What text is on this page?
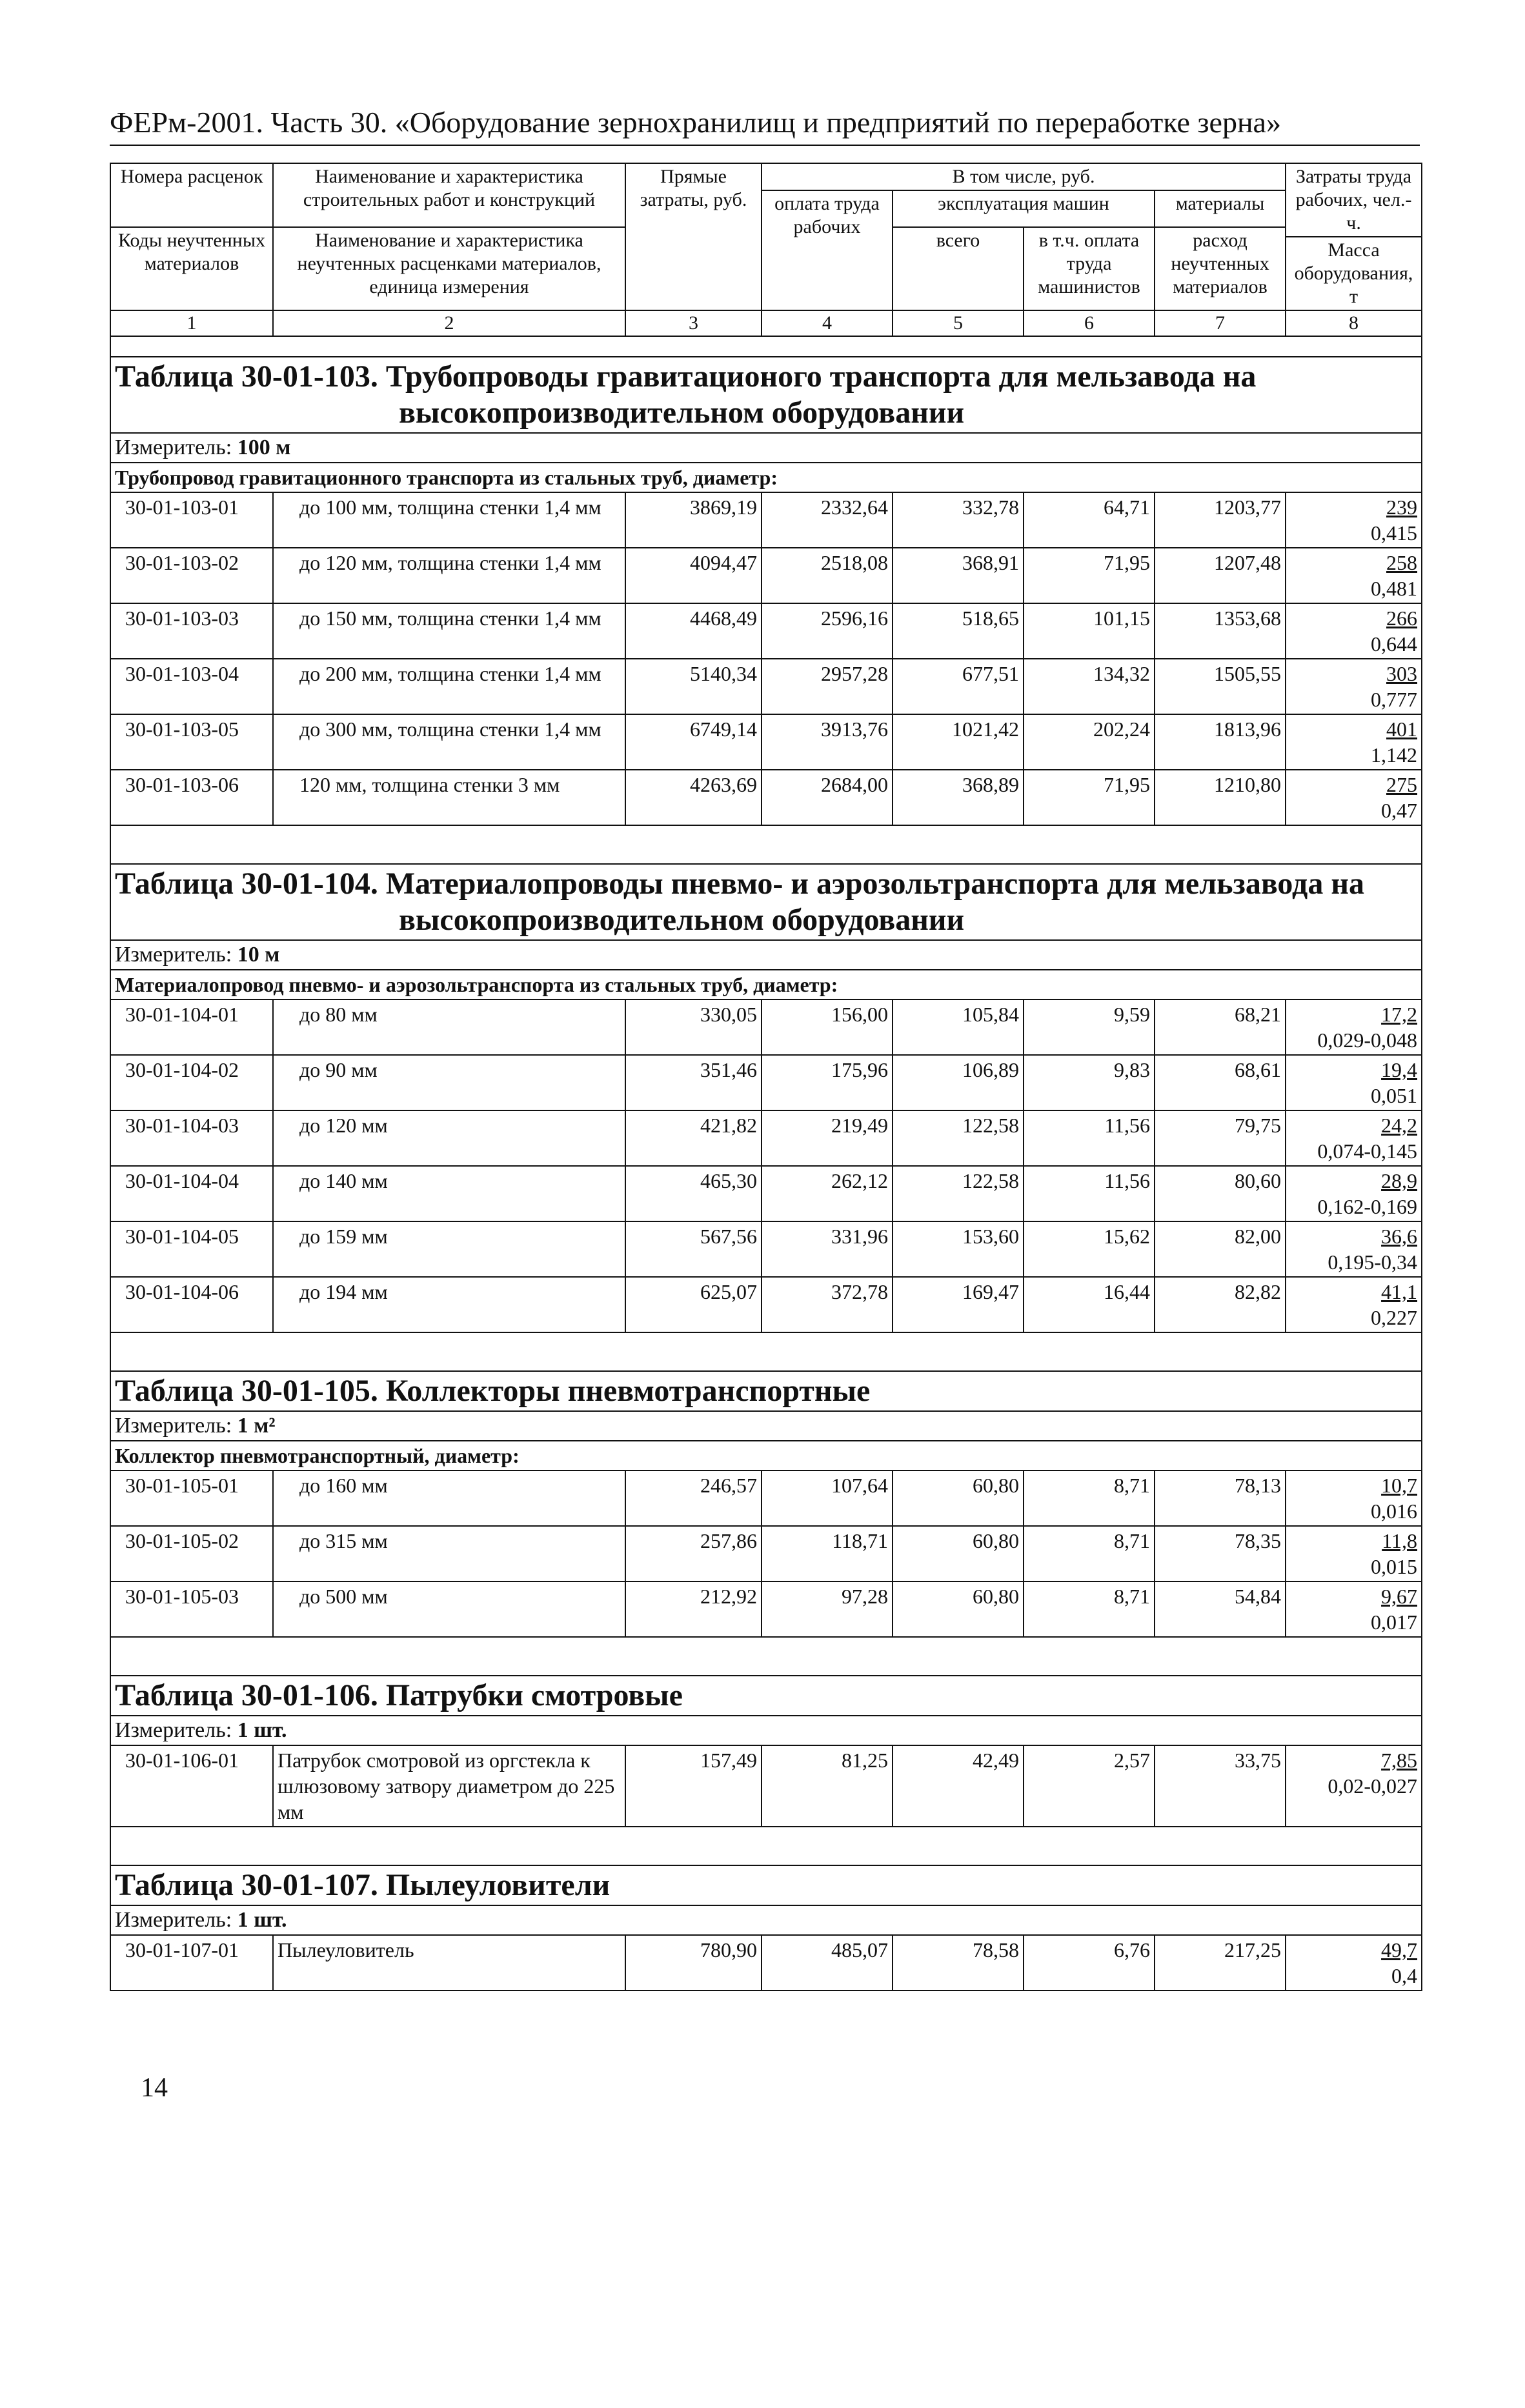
ФЕРм-2001. Часть 30. «Оборудование зернохранилищ и предприятий по переработке зерна»
Номера расценок	Наименование и характеристика строительных работ и конструкций	Прямые затраты, руб.	В том числе, руб.				Затраты труда рабочих, чел.-ч.
			оплата труда рабочих	эксплуатация машин		материалы	
Коды неучтенных материалов	Наименование и характеристика неучтенных расценками материалов, единица измерения			всего	в т.ч. оплата труда машинистов	расход неучтенных материалов	
							Масса оборудования, т
1	2	3	4	5	6	7	8

Таблица 30-01-103. Трубопроводы гравитационого транспорта для мельзавода на
высокопроизводительном оборудовании							

Измеритель: 100 м							
Трубопровод гравитационного транспорта из стальных труб, диаметр:							
30-01-103-01	до 100 мм, толщина стенки 1,4 мм	3869,19	2332,64	332,78	64,71	1203,77	239
0,415

30-01-103-02	до 120 мм, толщина стенки 1,4 мм	4094,47	2518,08	368,91	71,95	1207,48	258
0,481

30-01-103-03	до 150 мм, толщина стенки 1,4 мм	4468,49	2596,16	518,65	101,15	1353,68	266
0,644

30-01-103-04	до 200 мм, толщина стенки 1,4 мм	5140,34	2957,28	677,51	134,32	1505,55	303
0,777

30-01-103-05	до 300 мм, толщина стенки 1,4 мм	6749,14	3913,76	1021,42	202,24	1813,96	401
1,142

30-01-103-06	120 мм, толщина стенки 3 мм	4263,69	2684,00	368,89	71,95	1210,80	275
0,47

Таблица 30-01-104. Материалопроводы пневмо- и аэрозольтранспорта для мельзавода на
высокопроизводительном оборудовании							

Измеритель: 10 м							
Материалопровод пневмо- и аэрозольтранспорта из стальных труб, диаметр:							
30-01-104-01	до 80 мм	330,05	156,00	105,84	9,59	68,21	17,2
0,029-0,048

30-01-104-02	до 90 мм	351,46	175,96	106,89	9,83	68,61	19,4
0,051

30-01-104-03	до 120 мм	421,82	219,49	122,58	11,56	79,75	24,2
0,074-0,145

30-01-104-04	до 140 мм	465,30	262,12	122,58	11,56	80,60	28,9
0,162-0,169

30-01-104-05	до 159 мм	567,56	331,96	153,60	15,62	82,00	36,6
0,195-0,34

30-01-104-06	до 194 мм	625,07	372,78	169,47	16,44	82,82	41,1
0,227

Таблица 30-01-105. Коллекторы пневмотранспортные							
Измеритель: 1 м²							
Коллектор пневмотранспортный, диаметр:							
30-01-105-01	до 160 мм	246,57	107,64	60,80	8,71	78,13	10,7
0,016

30-01-105-02	до 315 мм	257,86	118,71	60,80	8,71	78,35	11,8
0,015

30-01-105-03	до 500 мм	212,92	97,28	60,80	8,71	54,84	9,67
0,017

Таблица 30-01-106. Патрубки смотровые							
Измеритель: 1 шт.							
30-01-106-01	Патрубок смотровой из оргстекла к шлюзовому затвору диаметром до 225 мм	157,49	81,25	42,49	2,57	33,75	7,85
0,02-0,027

Таблица 30-01-107. Пылеуловители							
Измеритель: 1 шт.							
30-01-107-01	Пылеуловитель	780,90	485,07	78,58	6,76	217,25	49,7
0,4
14
